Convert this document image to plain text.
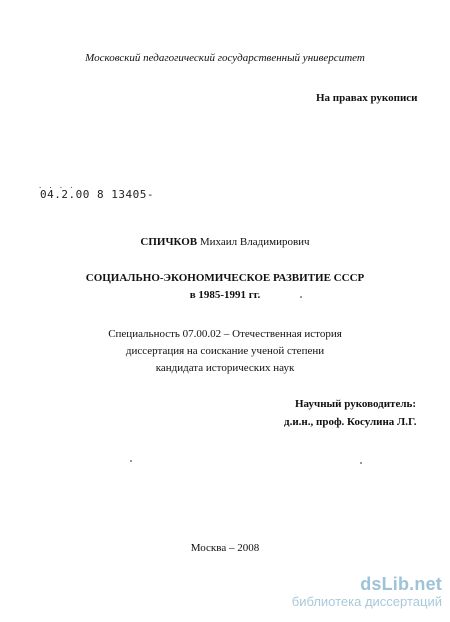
Московский педагогический государственный университет
На правах рукописи
. . . .
04.2.00 8 13405-
СПИЧКОВ Михаил Владимирович
СОЦИАЛЬНО-ЭКОНОМИЧЕСКОЕ РАЗВИТИЕ СССР
в 1985-1991 гг.
Специальность 07.00.02 – Отечественная история
диссертация на соискание ученой степени
кандидата исторических наук
Научный руководитель:
д.и.н., проф. Косулина Л.Г.
Москва – 2008
dsLib.net
библиотека диссертаций
